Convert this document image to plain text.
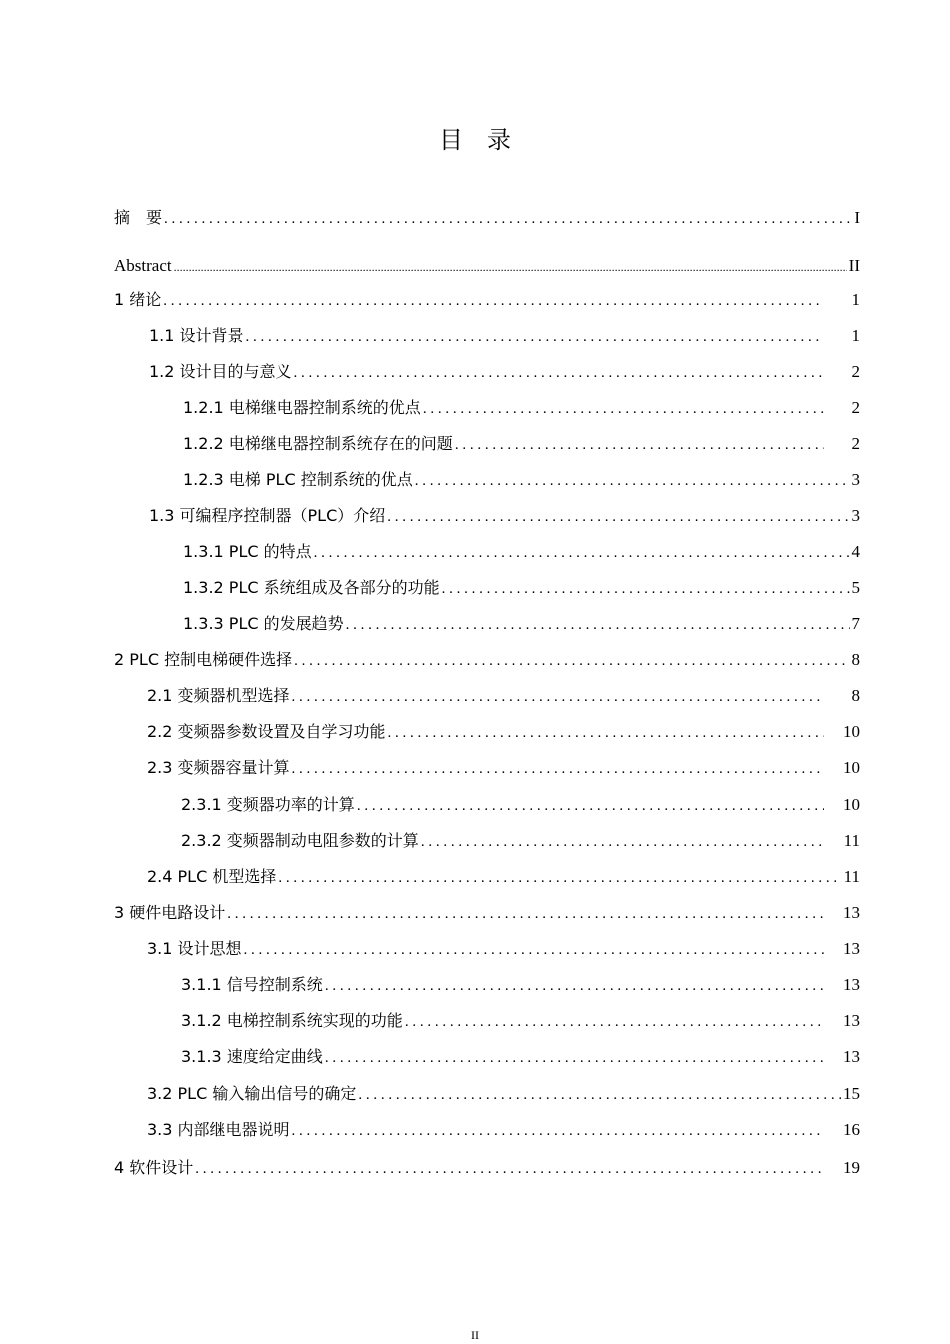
目　录
摘　要 . . .	I
Abstract .....	II
1 绪论 . . .	1
1.1 设计背景 . . .	1
1.2 设计目的与意义 . . .	2
1.2.1 电梯继电器控制系统的优点 . . .	2
1.2.2 电梯继电器控制系统存在的问题 . . .	2
1.2.3 电梯 PLC 控制系统的优点 . . .	3
1.3 可编程序控制器（PLC）介绍 . . .	3
1.3.1 PLC 的特点 . . .	4
1.3.2 PLC 系统组成及各部分的功能 . . .	5
1.3.3 PLC 的发展趋势 . . .	7
2 PLC 控制电梯硬件选择 . . .	8
2.1 变频器机型选择 . . .	8
2.2 变频器参数设置及自学习功能 . . .	10
2.3 变频器容量计算 . . .	10
2.3.1 变频器功率的计算 . . .	10
2.3.2 变频器制动电阻参数的计算 . . .	11
2.4 PLC 机型选择 . . .	11
3 硬件电路设计 . . .	13
3.1 设计思想 . . .	13
3.1.1 信号控制系统 . . .	13
3.1.2 电梯控制系统实现的功能 . . .	13
3.1.3 速度给定曲线 . . .	13
3.2 PLC 输入输出信号的确定 . . .	15
3.3 内部继电器说明 . . .	16
4 软件设计 . . .	19
II
